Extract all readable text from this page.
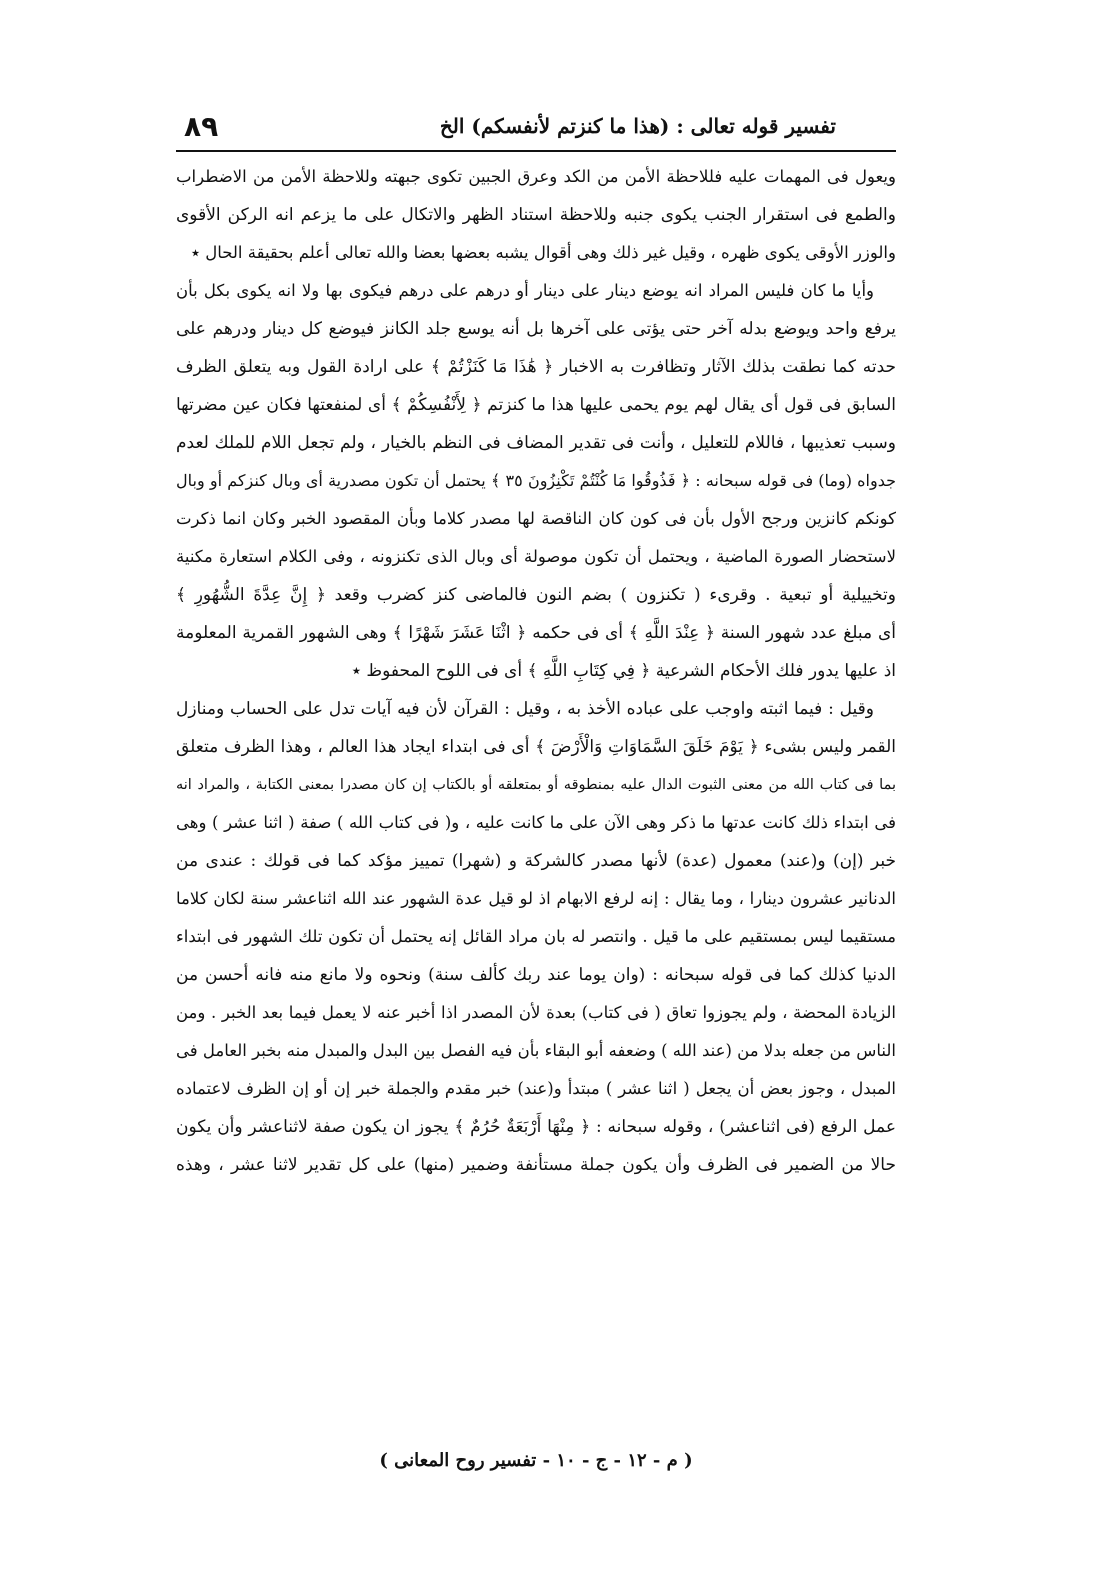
تفسير قوله تعالى : (هذا ما كنزتم لأنفسكم) الخ
٨٩
ويعول فى المهمات عليه فللاحظة الأمن من الكد وعرق الجبين تكوى جبهته وللاحظة الأمن من الاضطراب
والطمع فى استقرار الجنب يكوى جنبه وللاحظة استناد الظهر والاتكال على ما يزعم انه الركن الأقوى
والوزر الأوقى يكوى ظهره ، وقيل غير ذلك وهى أقوال يشبه بعضها بعضا والله تعالى أعلم بحقيقة الحال ٭
وأيا ما كان فليس المراد انه يوضع دينار على دينار أو درهم على درهم فيكوى بها ولا انه يكوى بكل بأن
يرفع واحد ويوضع بدله آخر حتى يؤتى على آخرها بل أنه يوسع جلد الكانز فيوضع كل دينار ودرهم على
حدته كما نطقت بذلك الآثار وتظافرت به الاخبار ﴿ هَٰذَا مَا كَنَزْتُمْ ﴾ على ارادة القول وبه يتعلق الظرف
السابق فى قول أى يقال لهم يوم يحمى عليها هذا ما كنزتم ﴿ لِأَنْفُسِكُمْ ﴾ أى لمنفعتها فكان عين مضرتها
وسبب تعذيبها ، فاللام للتعليل ، وأنت فى تقدير المضاف فى النظم بالخيار ، ولم تجعل اللام للملك لعدم
جدواه (وما) فى قوله سبحانه : ﴿ فَذُوقُوا مَا كُنْتُمْ تَكْنِزُونَ ٣٥ ﴾ يحتمل أن تكون مصدرية أى وبال كنزكم أو وبال
كونكم كانزين ورجح الأول بأن فى كون كان الناقصة لها مصدر كلاما وبأن المقصود الخبر وكان انما ذكرت
لاستحضار الصورة الماضية ، ويحتمل أن تكون موصولة أى وبال الذى تكنزونه ، وفى الكلام استعارة مكنية
وتخييلية أو تبعية . وقرىء ( تكنزون ) بضم النون فالماضى كنز كضرب وقعد ﴿ إِنَّ عِدَّةَ الشُّهُورِ ﴾
أى مبلغ عدد شهور السنة ﴿ عِنْدَ اللَّهِ ﴾ أى فى حكمه ﴿ اثْنَا عَشَرَ شَهْرًا ﴾ وهى الشهور القمرية المعلومة
اذ عليها يدور فلك الأحكام الشرعية ﴿ فِي كِتَابِ اللَّهِ ﴾ أى فى اللوح المحفوظ ٭
وقيل : فيما اثبته واوجب على عباده الأخذ به ، وقيل : القرآن لأن فيه آيات تدل على الحساب ومنازل
القمر وليس بشىء ﴿ يَوْمَ خَلَقَ السَّمَاوَاتِ وَالْأَرْضَ ﴾ أى فى ابتداء ايجاد هذا العالم ، وهذا الظرف متعلق
بما فى كتاب الله من معنى الثبوت الدال عليه بمنطوقه أو بمتعلقه أو بالكتاب إن كان مصدرا بمعنى الكتابة ، والمراد انه
فى ابتداء ذلك كانت عدتها ما ذكر وهى الآن على ما كانت عليه ، و( فى كتاب الله ) صفة ( اثنا عشر ) وهى
خبر (إن) و(عند) معمول (عدة) لأنها مصدر كالشركة و (شهرا) تمييز مؤكد كما فى قولك : عندى من
الدنانير عشرون دينارا ، وما يقال : إنه لرفع الابهام اذ لو قيل عدة الشهور عند الله اثناعشر سنة لكان كلاما
مستقيما ليس بمستقيم على ما قيل . وانتصر له بان مراد القائل إنه يحتمل أن تكون تلك الشهور فى ابتداء
الدنيا كذلك كما فى قوله سبحانه : (وان يوما عند ربك كألف سنة) ونحوه ولا مانع منه فانه أحسن من
الزيادة المحضة ، ولم يجوزوا تعاق ( فى كتاب) بعدة لأن المصدر اذا أخبر عنه لا يعمل فيما بعد الخبر . ومن
الناس من جعله بدلا من (عند الله ) وضعفه أبو البقاء بأن فيه الفصل بين البدل والمبدل منه بخبر العامل فى
المبدل ، وجوز بعض أن يجعل ( اثنا عشر ) مبتدأ و(عند) خبر مقدم والجملة خبر إن أو إن الظرف لاعتماده
عمل الرفع (فى اثناعشر) ، وقوله سبحانه : ﴿ مِنْهَا أَرْبَعَةٌ حُرُمٌ ﴾ يجوز ان يكون صفة لاثناعشر وأن يكون
حالا من الضمير فى الظرف وأن يكون جملة مستأنفة وضمير (منها) على كل تقدير لاثنا عشر ، وهذه
( م - ١٢ - ج - ١٠ - تفسير روح المعانى )
